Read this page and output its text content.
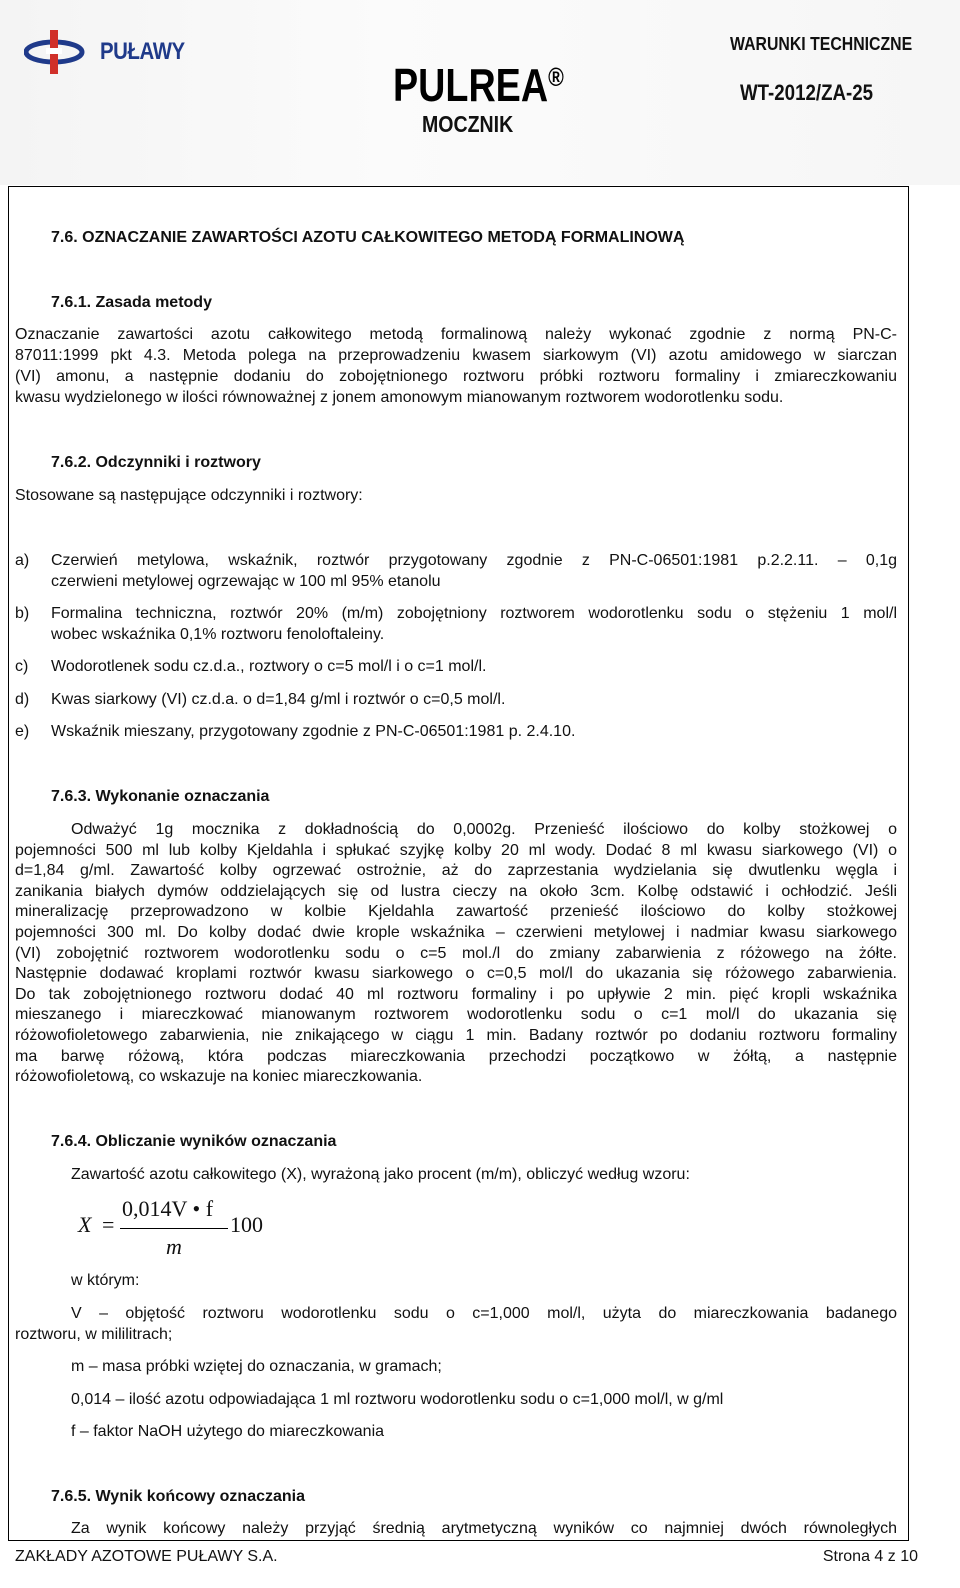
PUŁAWY
PULREA®
MOCZNIK
WARUNKI TECHNICZNE
WT-2012/ZA-25
7.6. OZNACZANIE ZAWARTOŚCI AZOTU CAŁKOWITEGO METODĄ FORMALINOWĄ
7.6.1. Zasada metody
Oznaczanie zawartości azotu całkowitego metodą formalinową należy wykonać zgodnie z normą PN-C-
87011:1999 pkt 4.3. Metoda polega na przeprowadzeniu kwasem siarkowym (VI) azotu amidowego w siarczan
(VI) amonu, a następnie dodaniu do zobojętnionego roztworu próbki roztworu formaliny i zmiareczkowaniu
kwasu wydzielonego w ilości równoważnej z jonem amonowym mianowanym roztworem wodorotlenku sodu.
7.6.2. Odczynniki i roztwory
Stosowane są następujące odczynniki i roztwory:
a) Czerwień metylowa, wskaźnik, roztwór przygotowany zgodnie z PN-C-06501:1981 p.2.2.11. – 0,1g
czerwieni metylowej ogrzewając w 100 ml 95% etanolu
b) Formalina techniczna, roztwór 20% (m/m) zobojętniony roztworem wodorotlenku sodu o stężeniu 1 mol/l
wobec wskaźnika 0,1% roztworu fenoloftaleiny.
c) Wodorotlenek sodu cz.d.a., roztwory o c=5 mol/l i o c=1 mol/l.
d) Kwas siarkowy (VI) cz.d.a. o d=1,84 g/ml i roztwór o c=0,5 mol/l.
e) Wskaźnik mieszany, przygotowany zgodnie z PN-C-06501:1981 p. 2.4.10.
7.6.3. Wykonanie oznaczania
Odważyć 1g mocznika z dokładnością do 0,0002g. Przenieść ilościowo do kolby stożkowej o
pojemności 500 ml lub kolby Kjeldahla i spłukać szyjkę kolby 20 ml wody. Dodać 8 ml kwasu siarkowego (VI) o
d=1,84 g/ml. Zawartość kolby ogrzewać ostrożnie, aż do zaprzestania wydzielania się dwutlenku węgla i
zanikania białych dymów oddzielających się od lustra cieczy na około 3cm. Kolbę odstawić i ochłodzić. Jeśli
mineralizację przeprowadzono w kolbie Kjeldahla zawartość przenieść ilościowo do kolby stożkowej
pojemności 300 ml. Do kolby dodać dwie krople wskaźnika – czerwieni metylowej i nadmiar kwasu siarkowego
(VI) zobojętnić roztworem wodorotlenku sodu o c=5 mol./l do zmiany zabarwienia z różowego na żółte.
Następnie dodawać kroplami roztwór kwasu siarkowego o c=0,5 mol/l do ukazania się różowego zabarwienia.
Do tak zobojętnionego roztworu dodać 40 ml roztworu formaliny i po upływie 2 min. pięć kropli wskaźnika
mieszanego i miareczkować mianowanym roztworem wodorotlenku sodu o c=1 mol/l do ukazania się
różowofioletowego zabarwienia, nie znikającego w ciągu 1 min. Badany roztwór po dodaniu roztworu formaliny
ma barwę różową, która podczas miareczkowania przechodzi początkowo w żółtą, a następnie
różowofioletową, co wskazuje na koniec miareczkowania.
7.6.4. Obliczanie wyników oznaczania
Zawartość azotu całkowitego (X), wyrażoną jako procent (m/m), obliczyć według wzoru:
X =
0,014V • f
m
100
w którym:
V – objętość roztworu wodorotlenku sodu o c=1,000 mol/l, użyta do miareczkowania badanego
roztworu, w mililitrach;
m – masa próbki wziętej do oznaczania, w gramach;
0,014 – ilość azotu odpowiadająca 1 ml roztworu wodorotlenku sodu o c=1,000 mol/l, w g/ml
f – faktor NaOH użytego do miareczkowania
7.6.5. Wynik końcowy oznaczania
Za wynik końcowy należy przyjąć średnią arytmetyczną wyników co najmniej dwóch równoległych
ZAKŁADY AZOTOWE PUŁAWY S.A.	Strona 4 z 10
